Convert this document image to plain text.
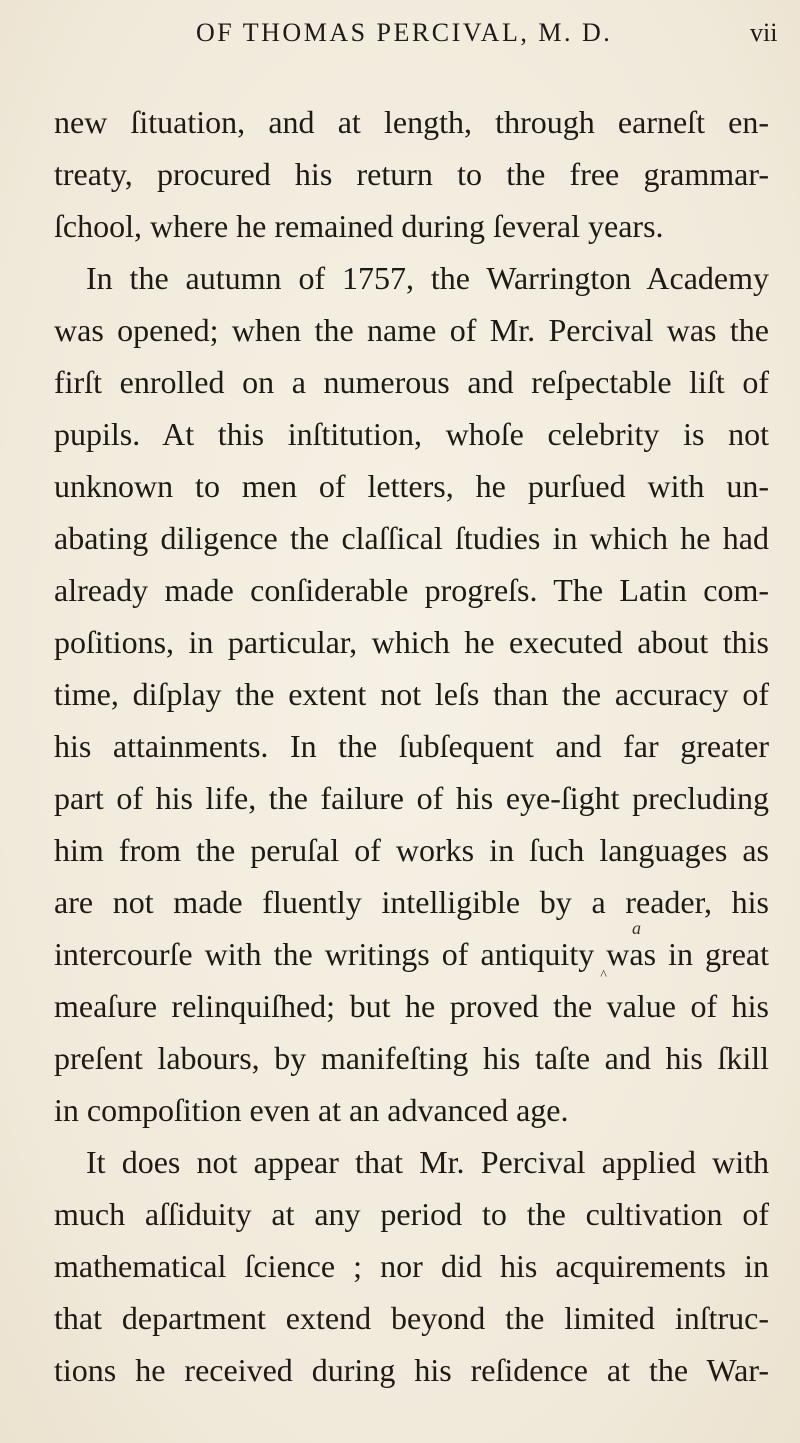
OF THOMAS PERCIVAL, M. D.	vii
new ſituation, and at length, through earneſt en-
treaty, procured his return to the free grammar-
ſchool, where he remained during ſeveral years.
In the autumn of 1757, the Warrington Academy
was opened; when the name of Mr. Percival was the
firſt enrolled on a numerous and reſpectable liſt of
pupils. At this inſtitution, whoſe celebrity is not
unknown to men of letters, he purſued with un-
abating diligence the claſſical ſtudies in which he had
already made conſiderable progreſs. The Latin com-
poſitions, in particular, which he executed about this
time, diſplay the extent not leſs than the accuracy of
his attainments. In the ſubſequent and far greater
part of his life, the failure of his eye-ſight precluding
him from the peruſal of works in ſuch languages as
are not made fluently intelligible by a reader, his
intercourſe with the writings of antiquity was in great
meaſure relinquiſhed; but he proved the value of his
preſent labours, by manifeſting his taſte and his ſkill
in compoſition even at an advanced age.
It does not appear that Mr. Percival applied with
much aſſiduity at any period to the cultivation of
mathematical ſcience ; nor did his acquirements in
that department extend beyond the limited inſtruc-
tions he received during his reſidence at the War-
a
^
